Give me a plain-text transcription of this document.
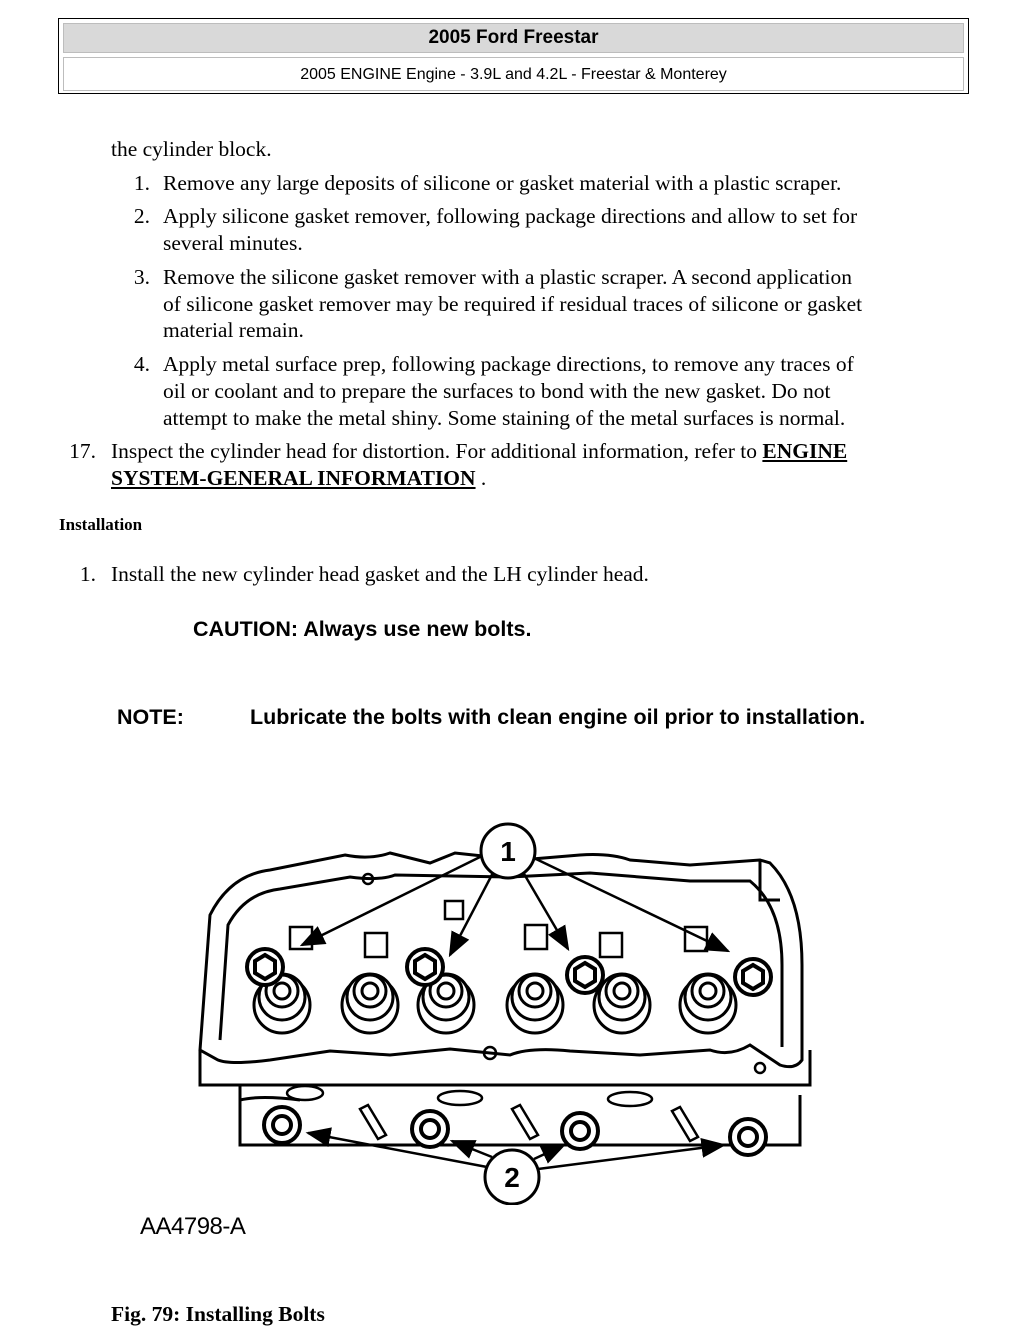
2005 Ford Freestar
2005 ENGINE Engine - 3.9L and 4.2L - Freestar & Monterey
the cylinder block.
1. Remove any large deposits of silicone or gasket material with a plastic scraper.
2. Apply silicone gasket remover, following package directions and allow to set for
several minutes.
3. Remove the silicone gasket remover with a plastic scraper. A second application
of silicone gasket remover may be required if residual traces of silicone or gasket
material remain.
4. Apply metal surface prep, following package directions, to remove any traces of
oil or coolant and to prepare the surfaces to bond with the new gasket. Do not
attempt to make the metal shiny. Some staining of the metal surfaces is normal.
17. Inspect the cylinder head for distortion. For additional information, refer to ENGINE
SYSTEM-GENERAL INFORMATION .
Installation
1. Install the new cylinder head gasket and the LH cylinder head.
CAUTION: Always use new bolts.
NOTE:	Lubricate the bolts with clean engine oil prior to installation.
1
2
AA4798-A
Fig. 79: Installing Bolts
